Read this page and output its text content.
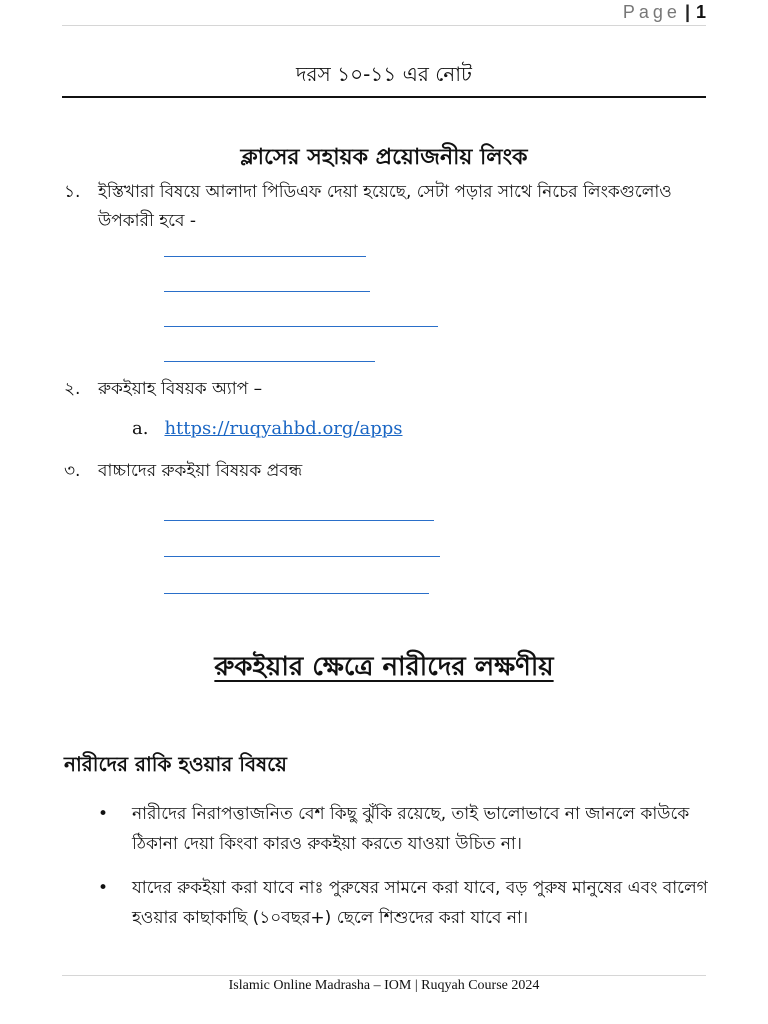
Page | 1
দরস ১০-১১ এর নোট
ক্লাসের সহায়ক প্রয়োজনীয় লিংক
১. ইস্তিখারা বিষয়ে আলাদা পিডিএফ দেয়া হয়েছে, সেটা পড়ার সাথে নিচের লিংকগুলোও উপকারী হবে -
২. রুকইয়াহ বিষয়ক অ্যাপ –
a. https://ruqyahbd.org/apps
৩. বাচ্চাদের রুকইয়া বিষয়ক প্রবন্ধ
রুকইয়ার ক্ষেত্রে নারীদের লক্ষণীয়
নারীদের রাকি হওয়ার বিষয়ে
• নারীদের নিরাপত্তাজনিত বেশ কিছু ঝুঁকি রয়েছে, তাই ভালোভাবে না জানলে কাউকে ঠিকানা দেয়া কিংবা কারও রুকইয়া করতে যাওয়া উচিত না।
• যাদের রুকইয়া করা যাবে নাঃ পুরুষের সামনে করা যাবে, বড় পুরুষ মানুষের এবং বালেগ হওয়ার কাছাকাছি (১০বছর+) ছেলে শিশুদের করা যাবে না।
Islamic Online Madrasha – IOM | Ruqyah Course 2024
